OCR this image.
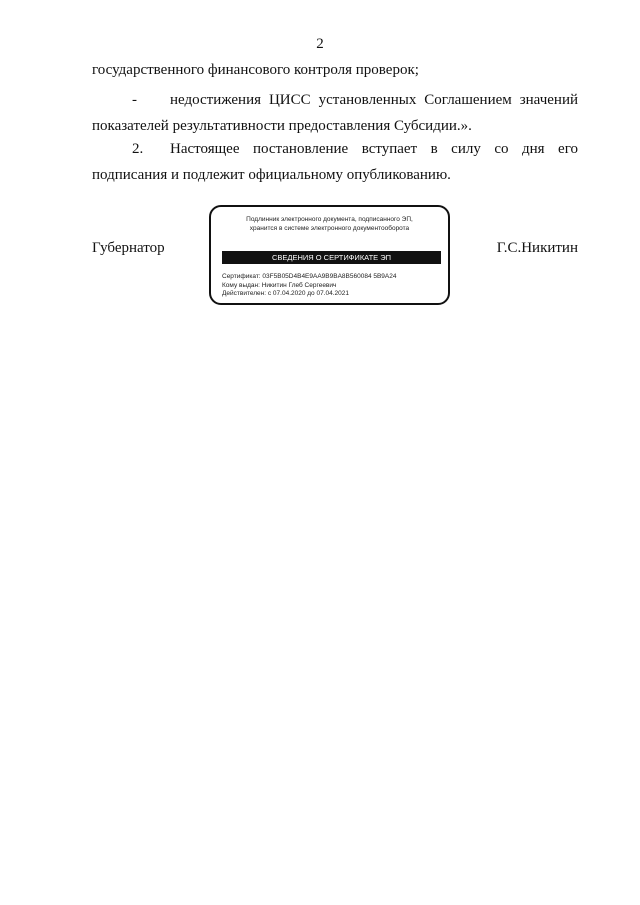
2
государственного финансового контроля проверок;
- недостижения ЦИСС установленных Соглашением значений
показателей результативности предоставления Субсидии.».
2. Настоящее постановление вступает в силу со дня его
подписания и подлежит официальному опубликованию.
Губернатор	Г.С.Никитин
Подлинник электронного документа, подписанного ЭП,
хранится в системе электронного документооборота
СВЕДЕНИЯ О СЕРТИФИКАТЕ ЭП
Сертификат: 03F5B05D4B4E9AA9B9BA8B560084 5B9A24
Кому выдан: Никитин Глеб Сергеевич
Действителен: с 07.04.2020 до 07.04.2021
